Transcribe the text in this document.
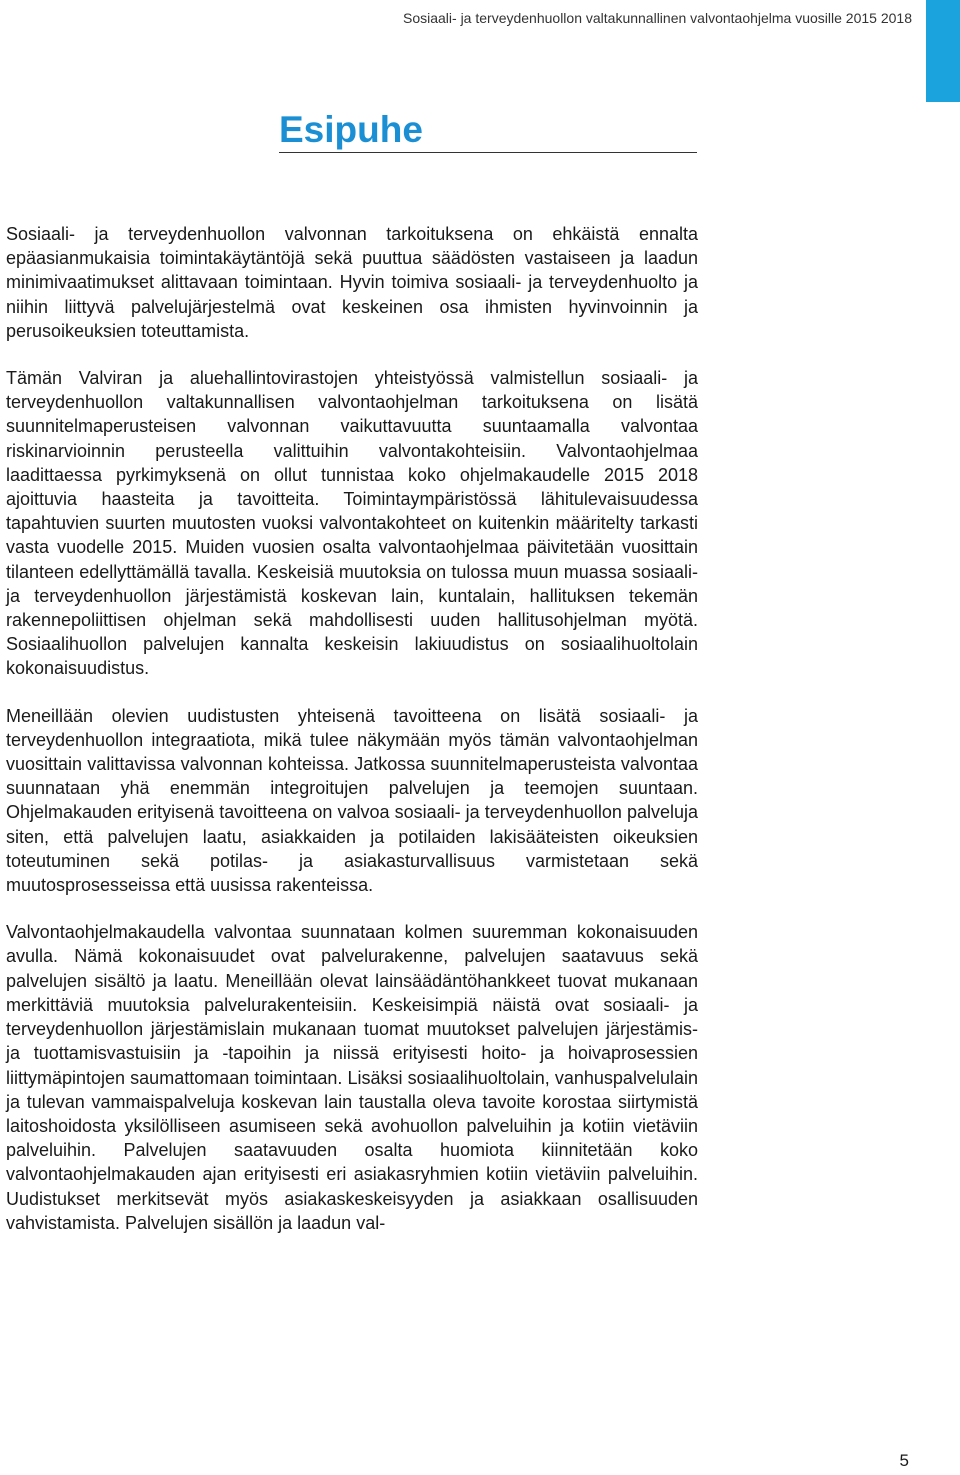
Sosiaali- ja terveydenhuollon valtakunnallinen valvontaohjelma vuosille 2015 2018
Esipuhe

Sosiaali- ja terveydenhuollon valvonnan tarkoituksena on ehkäistä ennalta epäasianmukaisia toimintakäytäntöjä sekä puuttua säädösten vastaiseen ja laadun minimivaatimukset alittavaan toimintaan. Hyvin toimiva sosiaali- ja terveydenhuolto ja niihin liittyvä palvelujärjestelmä ovat keskeinen osa ihmisten hyvinvoinnin ja perusoikeuksien toteuttamista.

Tämän Valviran ja aluehallintovirastojen yhteistyössä valmistellun sosiaali- ja terveydenhuollon valtakunnallisen valvontaohjelman tarkoituksena on lisätä suunnitelmaperusteisen valvonnan vaikuttavuutta suuntaamalla valvontaa riskinarvioinnin perusteella valittuihin valvontakohteisiin. Valvontaohjelmaa laadittaessa pyrkimyksenä on ollut tunnistaa koko ohjelmakaudelle 2015 2018 ajoittuvia haasteita ja tavoitteita. Toimintaympäristössä lähitulevaisuudessa tapahtuvien suurten muutosten vuoksi valvontakohteet on kuitenkin määritelty tarkasti vasta vuodelle 2015. Muiden vuosien osalta valvontaohjelmaa päivitetään vuosittain tilanteen edellyttämällä tavalla. Keskeisiä muutoksia on tulossa muun muassa sosiaali- ja terveydenhuollon järjestämistä koskevan lain, kuntalain, hallituksen tekemän rakennepoliittisen ohjelman sekä mahdollisesti uuden hallitusohjelman myötä. Sosiaalihuollon palvelujen kannalta keskeisin lakiuudistus on sosiaalihuoltolain kokonaisuudistus.

Meneillään olevien uudistusten yhteisenä tavoitteena on lisätä sosiaali- ja terveydenhuollon integraatiota, mikä tulee näkymään myös tämän valvontaohjelman vuosittain valittavissa valvonnan kohteissa. Jatkossa suunnitelmaperusteista valvontaa suunnataan yhä enemmän integroitujen palvelujen ja teemojen suuntaan. Ohjelmakauden erityisenä tavoitteena on valvoa sosiaali- ja terveydenhuollon palveluja siten, että palvelujen laatu, asiakkaiden ja potilaiden lakisääteisten oikeuksien toteutuminen sekä potilas- ja asiakasturvallisuus varmistetaan sekä muutosprosesseissa että uusissa rakenteissa.

Valvontaohjelmakaudella valvontaa suunnataan kolmen suuremman kokonaisuuden avulla. Nämä kokonaisuudet ovat palvelurakenne, palvelujen saatavuus sekä palvelujen sisältö ja laatu. Meneillään olevat lainsäädäntöhankkeet tuovat mukanaan merkittäviä muutoksia palvelurakenteisiin. Keskeisimpiä näistä ovat sosiaali- ja terveydenhuollon järjestämislain mukanaan tuomat muutokset palvelujen järjestämis- ja tuottamisvastuisiin ja -tapoihin ja niissä erityisesti hoito- ja hoivaprosessien liittymäpintojen saumattomaan toimintaan. Lisäksi sosiaalihuoltolain, vanhuspalvelulain ja tulevan vammaispalveluja koskevan lain taustalla oleva tavoite korostaa siirtymistä laitoshoidosta yksilölliseen asumiseen sekä avohuollon palveluihin ja kotiin vietäviin palveluihin. Palvelujen saatavuuden osalta huomiota kiinnitetään koko valvontaohjelmakauden ajan erityisesti eri asiakasryhmien kotiin vietäviin palveluihin. Uudistukset merkitsevät myös asiakaskeskeisyyden ja asiakkaan osallisuuden vahvistamista. Palvelujen sisällön ja laadun val-

5
